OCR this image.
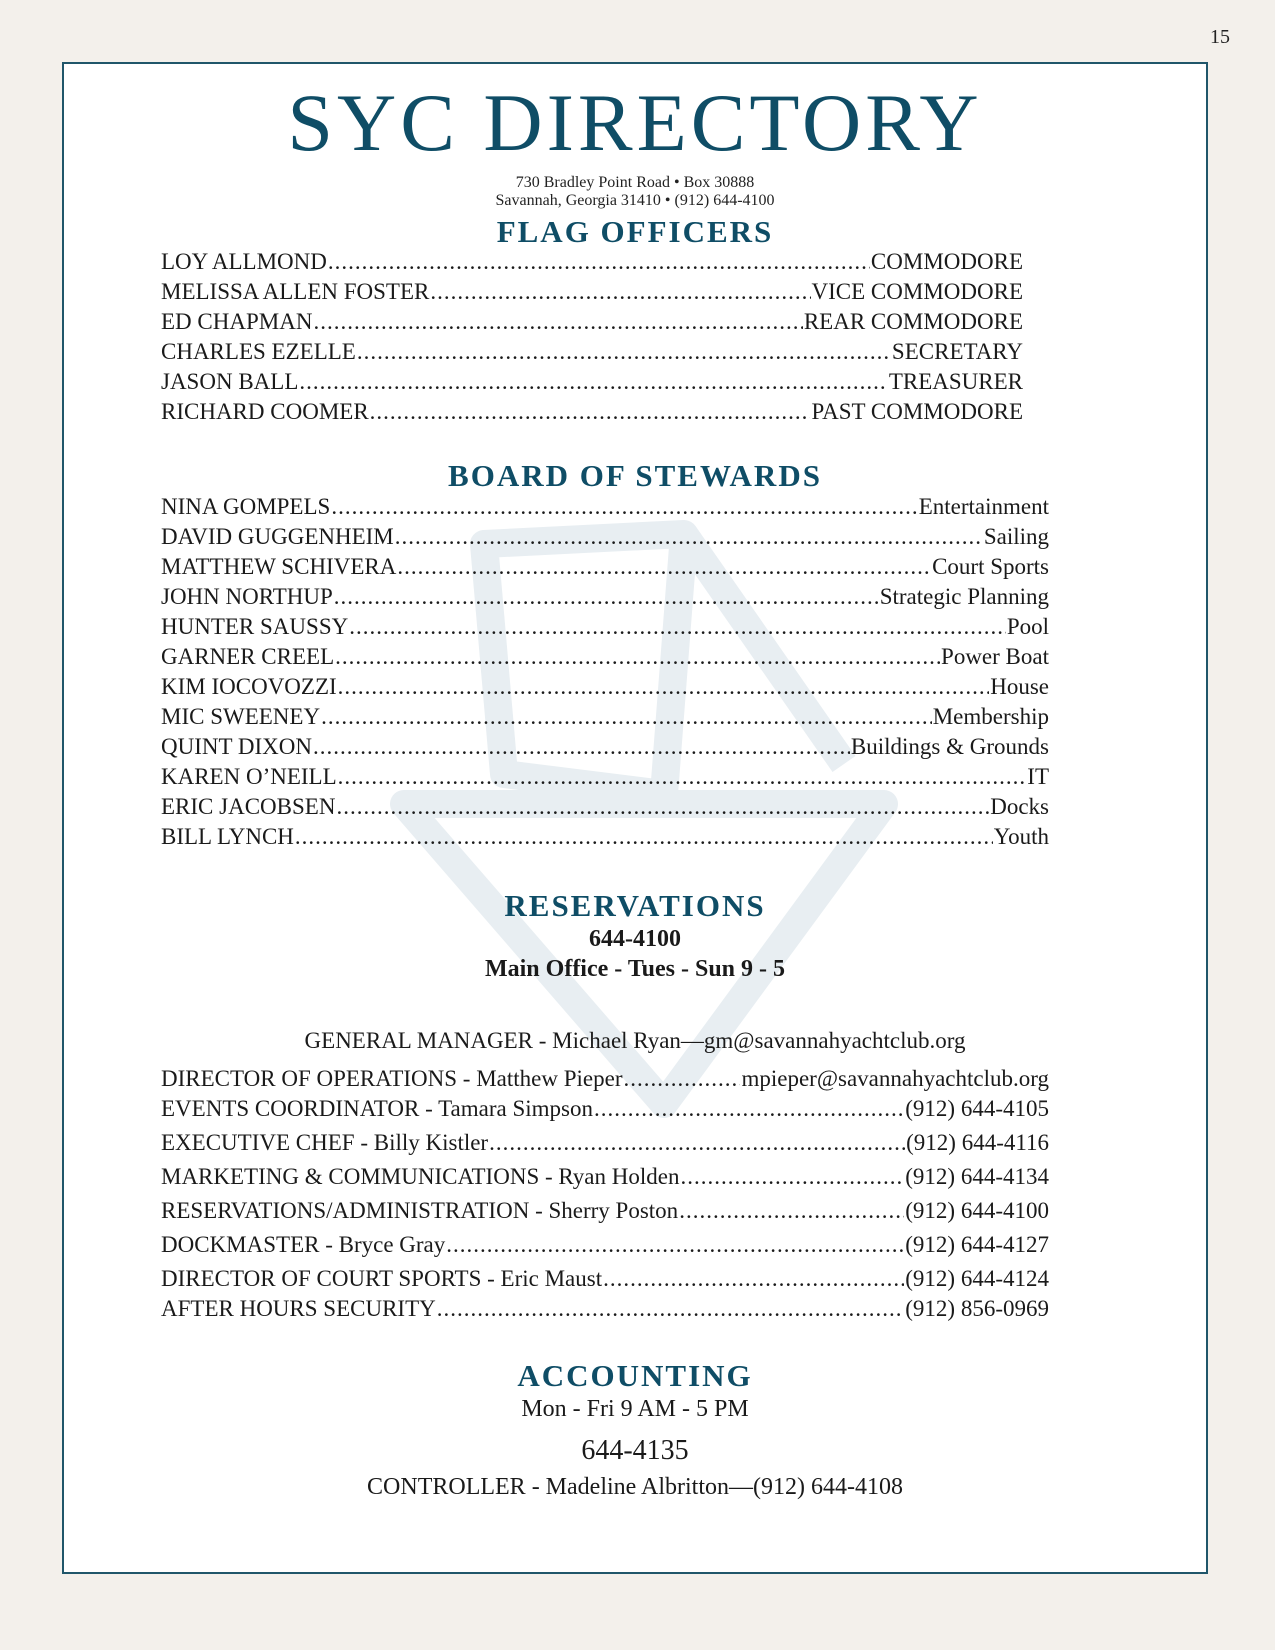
15
SYC DIRECTORY
730 Bradley Point Road • Box 30888
Savannah, Georgia 31410 • (912) 644-4100
FLAG OFFICERS
LOY ALLMOND .....	COMMODORE
MELISSA ALLEN FOSTER .....	VICE COMMODORE
ED CHAPMAN .....	REAR COMMODORE
CHARLES EZELLE .....	SECRETARY
JASON BALL .....	TREASURER
RICHARD COOMER .....	PAST COMMODORE
BOARD OF STEWARDS
NINA GOMPELS .....	Entertainment
DAVID GUGGENHEIM .....	Sailing
MATTHEW SCHIVERA .....	Court Sports
JOHN NORTHUP .....	Strategic Planning
HUNTER SAUSSY .....	Pool
GARNER CREEL .....	Power Boat
KIM IOCOVOZZI .....	House
MIC SWEENEY .....	Membership
QUINT DIXON .....	Buildings & Grounds
KAREN O’NEILL .....	IT
ERIC JACOBSEN .....	Docks
BILL LYNCH .....	Youth
RESERVATIONS
644-4100
Main Office - Tues - Sun 9 - 5
GENERAL MANAGER - Michael Ryan—gm@savannahyachtclub.org
DIRECTOR OF OPERATIONS - Matthew Pieper .....	mpieper@savannahyachtclub.org
EVENTS COORDINATOR - Tamara Simpson .....	(912) 644-4105
EXECUTIVE CHEF - Billy Kistler .....	(912) 644-4116
MARKETING & COMMUNICATIONS - Ryan Holden .....	(912) 644-4134
RESERVATIONS/ADMINISTRATION - Sherry Poston .....	(912) 644-4100
DOCKMASTER - Bryce Gray .....	(912) 644-4127
DIRECTOR OF COURT SPORTS - Eric Maust .....	(912) 644-4124
AFTER HOURS SECURITY .....	(912) 856-0969
ACCOUNTING
Mon - Fri 9 AM - 5 PM
644-4135
CONTROLLER - Madeline Albritton—(912) 644-4108
